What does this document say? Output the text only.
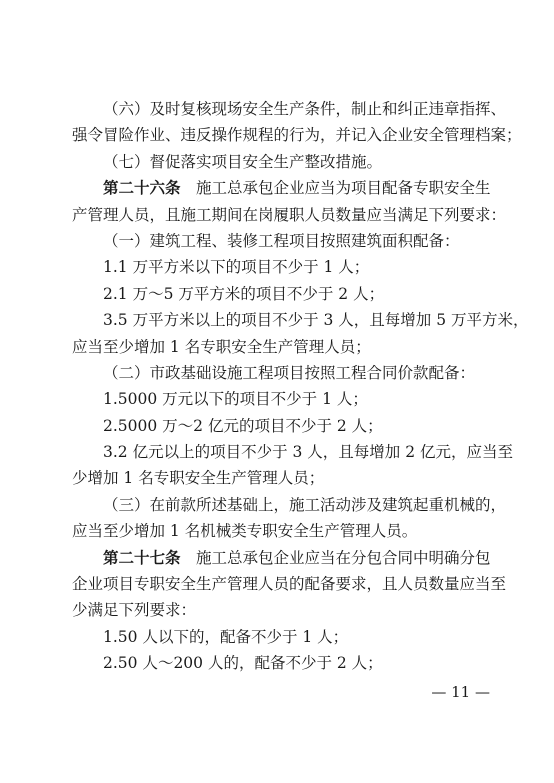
（六）及时复核现场安全生产条件，制止和纠正违章指挥、
强令冒险作业、违反操作规程的行为，并记入企业安全管理档案；
（七）督促落实项目安全生产整改措施。
第二十六条　 施工总承包企业应当为项目配备专职安全生
产管理人员，且施工期间在岗履职人员数量应当满足下列要求：
（一）建筑工程、装修工程项目按照建筑面积配备：
1.1 万平方米以下的项目不少于 1 人；
2.1 万～5 万平方米的项目不少于 2 人；
3.5 万平方米以上的项目不少于 3 人，且每增加 5 万平方米，
应当至少增加 1 名专职安全生产管理人员；
（二）市政基础设施工程项目按照工程合同价款配备：
1.5000 万元以下的项目不少于 1 人；
2.5000 万～2 亿元的项目不少于 2 人；
3.2 亿元以上的项目不少于 3 人，且每增加 2 亿元，应当至
少增加 1 名专职安全生产管理人员；
（三）在前款所述基础上，施工活动涉及建筑起重机械的，
应当至少增加 1 名机械类专职安全生产管理人员。
第二十七条　 施工总承包企业应当在分包合同中明确分包
企业项目专职安全生产管理人员的配备要求，且人员数量应当至
少满足下列要求：
1.50 人以下的，配备不少于 1 人；
2.50 人～200 人的，配备不少于 2 人；
— 11 —
